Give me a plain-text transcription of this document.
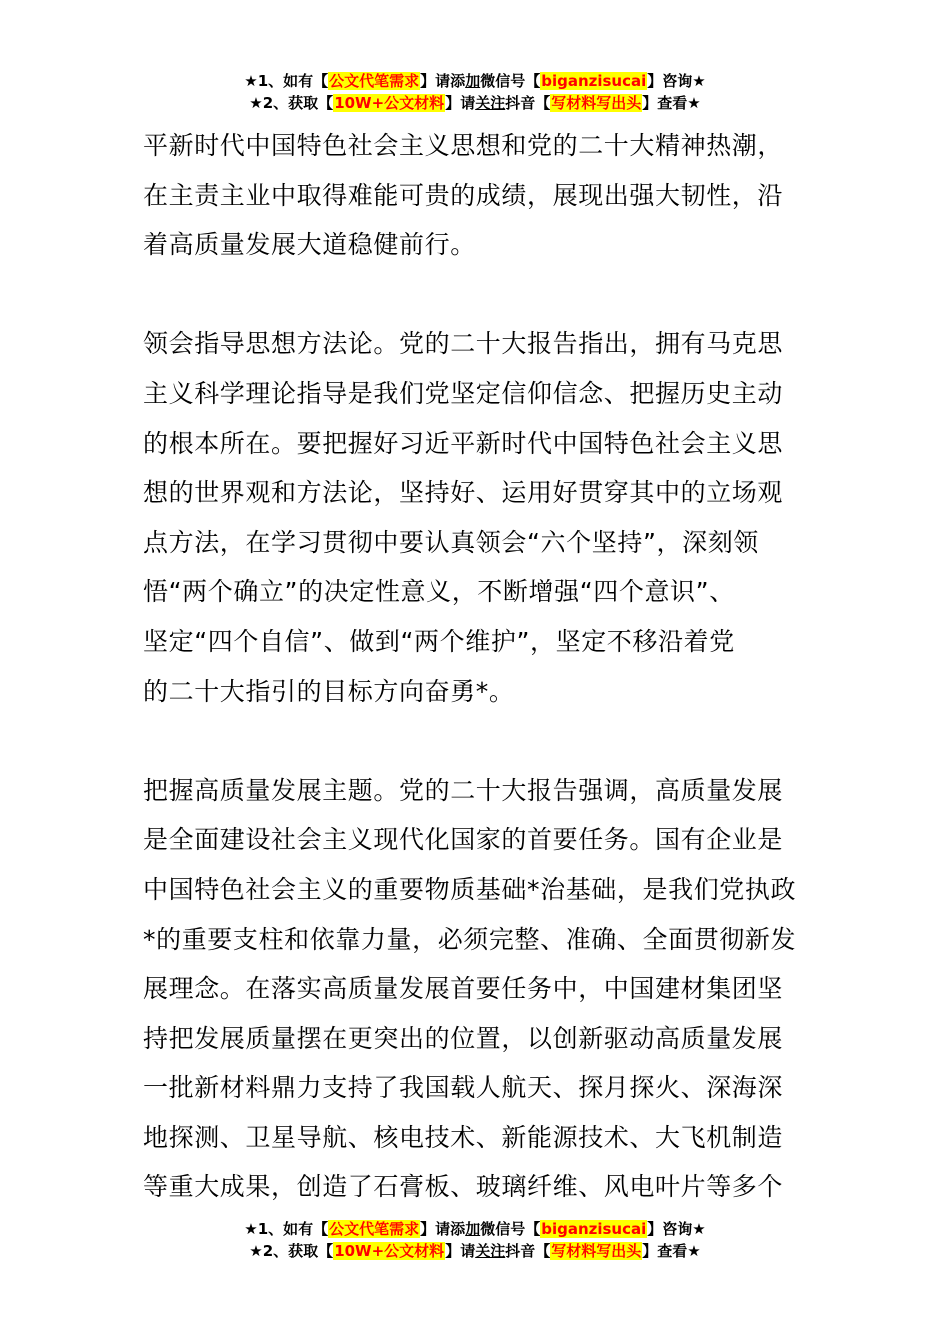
★1、如有【公文代笔需求】请添加微信号【biganzisucai】咨询★
★2、获取【10W+公文材料】请关注抖音【写材料写出头】查看★
平新时代中国特色社会主义思想和党的二十大精神热潮，
在主责主业中取得难能可贵的成绩，展现出强大韧性，沿
着高质量发展大道稳健前行。
领会指导思想方法论。党的二十大报告指出，拥有马克思
主义科学理论指导是我们党坚定信仰信念、把握历史主动
的根本所在。要把握好习近平新时代中国特色社会主义思
想的世界观和方法论，坚持好、运用好贯穿其中的立场观
点方法，在学习贯彻中要认真领会“六个坚持”，深刻领
悟“两个确立”的决定性意义，不断增强“四个意识”、
坚定“四个自信”、做到“两个维护”，坚定不移沿着党
的二十大指引的目标方向奋勇*。
把握高质量发展主题。党的二十大报告强调，高质量发展
是全面建设社会主义现代化国家的首要任务。国有企业是
中国特色社会主义的重要物质基础*治基础，是我们党执政
*的重要支柱和依靠力量，必须完整、准确、全面贯彻新发
展理念。在落实高质量发展首要任务中，中国建材集团坚
持把发展质量摆在更突出的位置，以创新驱动高质量发展
一批新材料鼎力支持了我国载人航天、探月探火、深海深
地探测、卫星导航、核电技术、新能源技术、大飞机制造
等重大成果，创造了石膏板、玻璃纤维、风电叶片等多个
★1、如有【公文代笔需求】请添加微信号【biganzisucai】咨询★
★2、获取【10W+公文材料】请关注抖音【写材料写出头】查看★
